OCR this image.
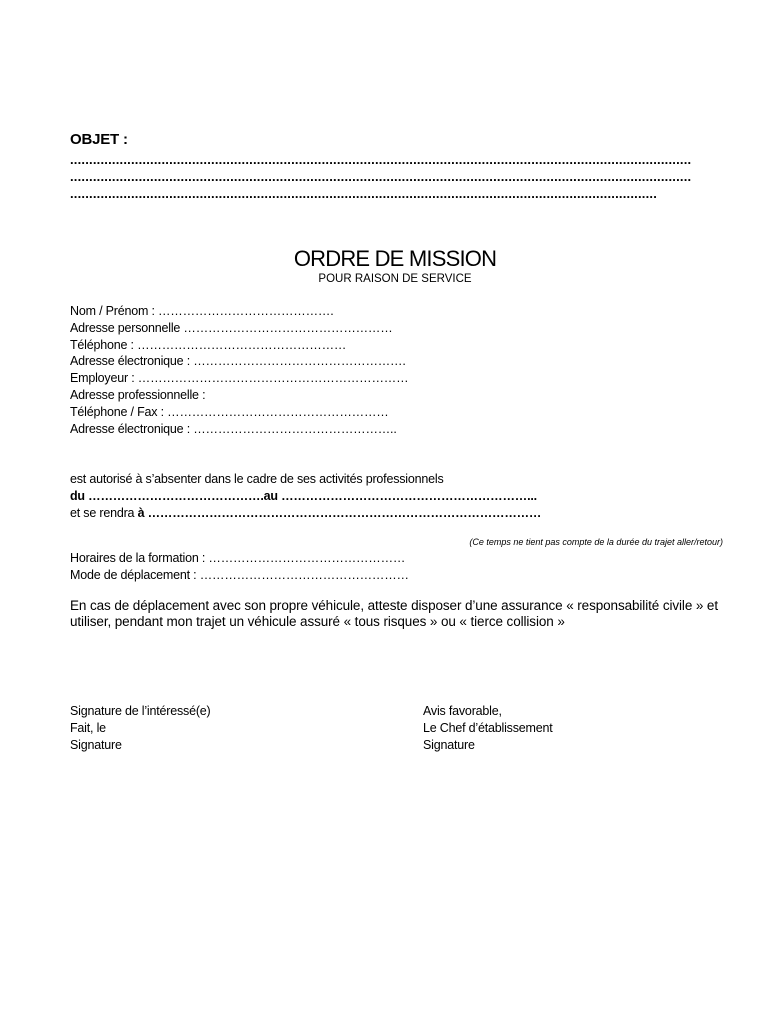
OBJET :
...................................................................................................................................................................
...................................................................................................................................................................
..........................................................................................................................................................
ORDRE DE MISSION
POUR RAISON DE SERVICE
Nom / Prénom : …………………………………….
Adresse personnelle ……………………………………………
Téléphone : ……………………………………………
Adresse électronique : …………………………………………….
Employeur : …………………………………………………………
Adresse professionnelle :
Téléphone / Fax : ………………………………………………
Adresse électronique : …………………………………………..
est autorisé à s’absenter dans le cadre de ses activités professionnels
du …………………………………….au ……………………………………………………...
et se rendra à ……………………………………………………………………………………
(Ce temps ne tient pas compte de la durée du trajet aller/retour)
Horaires de la formation : …………………………………………
Mode de déplacement : ……………………………………………
En cas de déplacement avec son propre véhicule, atteste disposer d’une assurance « responsabilité civile » et utiliser, pendant mon trajet un véhicule assuré « tous risques » ou « tierce collision »
Signature de l’intéressé(e)
Fait, le
Signature
Avis favorable,
Le Chef d’établissement
Signature
